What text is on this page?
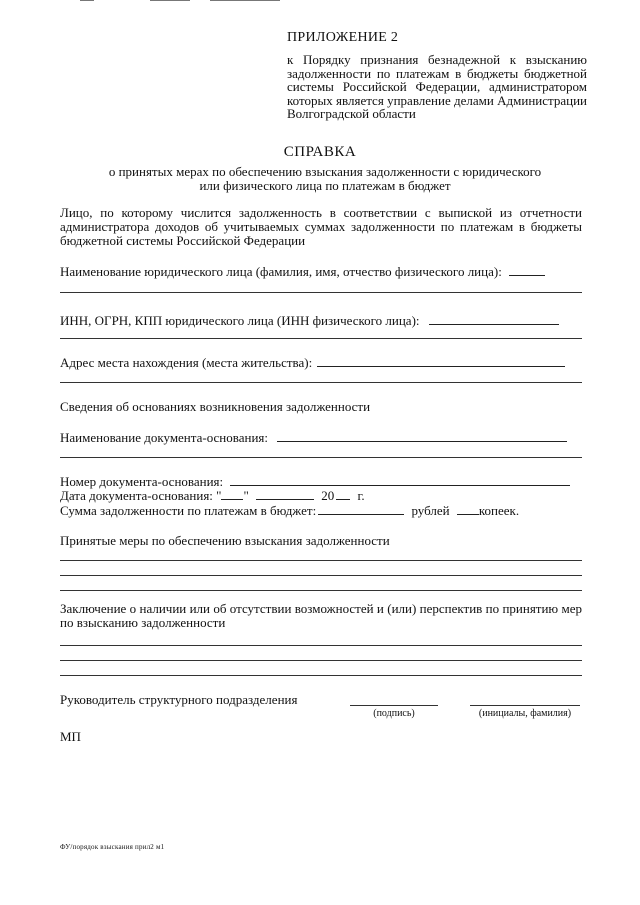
ПРИЛОЖЕНИЕ 2
к Порядку признания безнадежной к взысканию задолженности по платежам в бюджеты бюджетной системы Российской Федерации, администратором которых является управление делами Администрации Волгоградской области
СПРАВКА
о принятых мерах по обеспечению взыскания задолженности с юридического
или физического лица по платежам в бюджет
Лицо, по которому числится задолженность в соответствии с выпиской из отчетности администратора доходов об учитываемых суммах задолженности по платежам в бюджеты бюджетной системы Российской Федерации
Наименование юридического лица (фамилия, имя, отчество физического лица):
ИНН, ОГРН, КПП юридического лица (ИНН физического лица):
Адрес места нахождения (места жительства):
Сведения об основаниях возникновения задолженности
Наименование документа-основания:
Номер документа-основания:
Дата документа-основания: " "	20 г.
Сумма задолженности по платежам в бюджет:	рублей копеек.
Принятые меры по обеспечению взыскания задолженности
Заключение о наличии или об отсутствии возможностей и (или) перспектив по принятию мер по взысканию задолженности
Руководитель структурного подразделения
(подпись)	(инициалы, фамилия)
МП
ФУ/порядок взыскания прил2 м1
